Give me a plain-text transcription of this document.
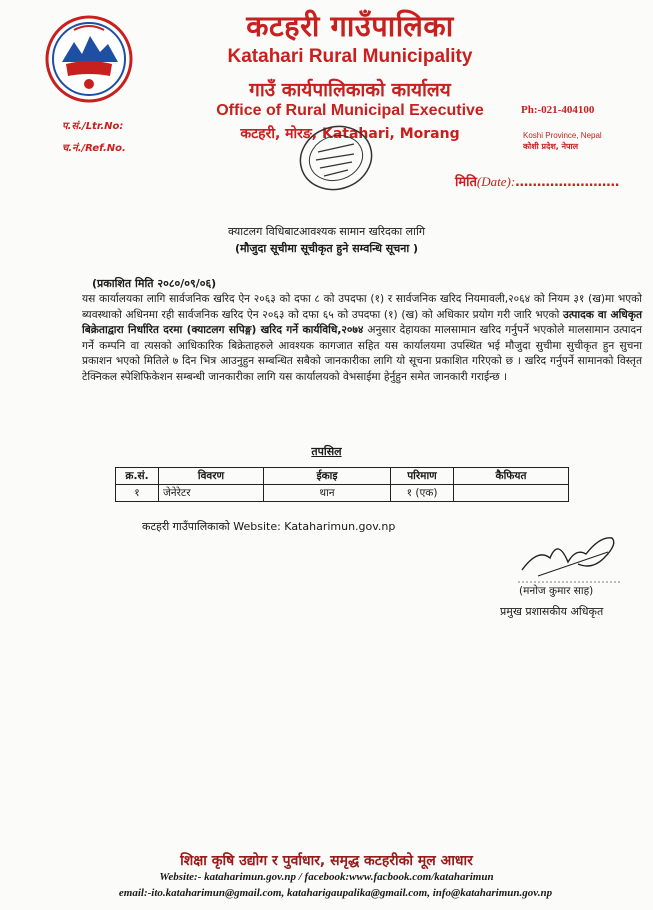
कटहरी गाउँपालिका
Katahari Rural Municipality
गाउँ कार्यपालिकाको कार्यालय
Office of Rural Municipal Executive
कटहरी, मोरङ, Katahari, Morang
Ph:-021-404100
Koshi Province, Nepal
कोशी प्रदेश, नेपाल
प.सं./Ltr.No:
च.नं./Ref.No.
मिति(Date):……………………
क्याटलग विधिबाटआवश्यक सामान खरिदका लागि
(मौजुदा सूचीमा सूचीकृत हुने सम्वन्धि सूचना )
(प्रकाशित मिति २०८०/०९/०६)
यस कार्यालयका लागि सार्वजनिक खरिद ऐन २०६३ को दफा ८ को उपदफा (१) र सार्वजनिक खरिद नियमावली,२०६४ को नियम ३१ (ख)मा भएको ब्यवस्थाको अधिनमा रही सार्वजनिक खरिद ऐन २०६३ को दफा ६५ को उपदफा (१) (ख) को अधिकार प्रयोग गरी जारि भएको उत्पादक वा अधिकृत बिक्रेताद्वारा निर्धारित दरमा (क्याटलग सपिङ्ग) खरिद गर्ने कार्यविधि,२०७४ अनुसार देहायका मालसामान खरिद गर्नुपर्ने भएकोले मालसामान उत्पादन गर्ने कम्पनि वा त्यसको आधिकारिक बिक्रेताहरुले आवश्यक कागजात सहित यस कार्यालयमा उपस्थित भई मौजुदा सुचीमा सुचीकृत हुन सुचना प्रकाशन भएको मितिले ७ दिन भित्र आउनुहुन सम्बन्धित सबैको जानकारीका लागि यो सूचना प्रकाशित गरिएको छ । खरिद गर्नुपर्ने सामानको विस्तृत टेक्निकल स्पेशिफिकेशन सम्बन्धी जानकारीका लागि यस कार्यालयको वेभसाईमा हेर्नुहुन समेत जानकारी गराईन्छ ।
तपसिल
क्र.सं.	विवरण	ईकाइ	परिमाण	कैफियत
१	जेनेरेटर	थान	१ (एक)	
कटहरी गाउँपालिकाको Website: Kataharimun.gov.np
(मनोज कुमार साह)
प्रमुख प्रशासकीय अधिकृत
शिक्षा कृषि उद्योग र पुर्वाधार, समृद्ध कटहरीको मूल आधार
Website:- kataharimun.gov.np / facebook:www.facbook.com/kataharimun
email:-ito.kataharimun@gmail.com, kataharigaupalika@gmail.com, info@kataharimun.gov.np
